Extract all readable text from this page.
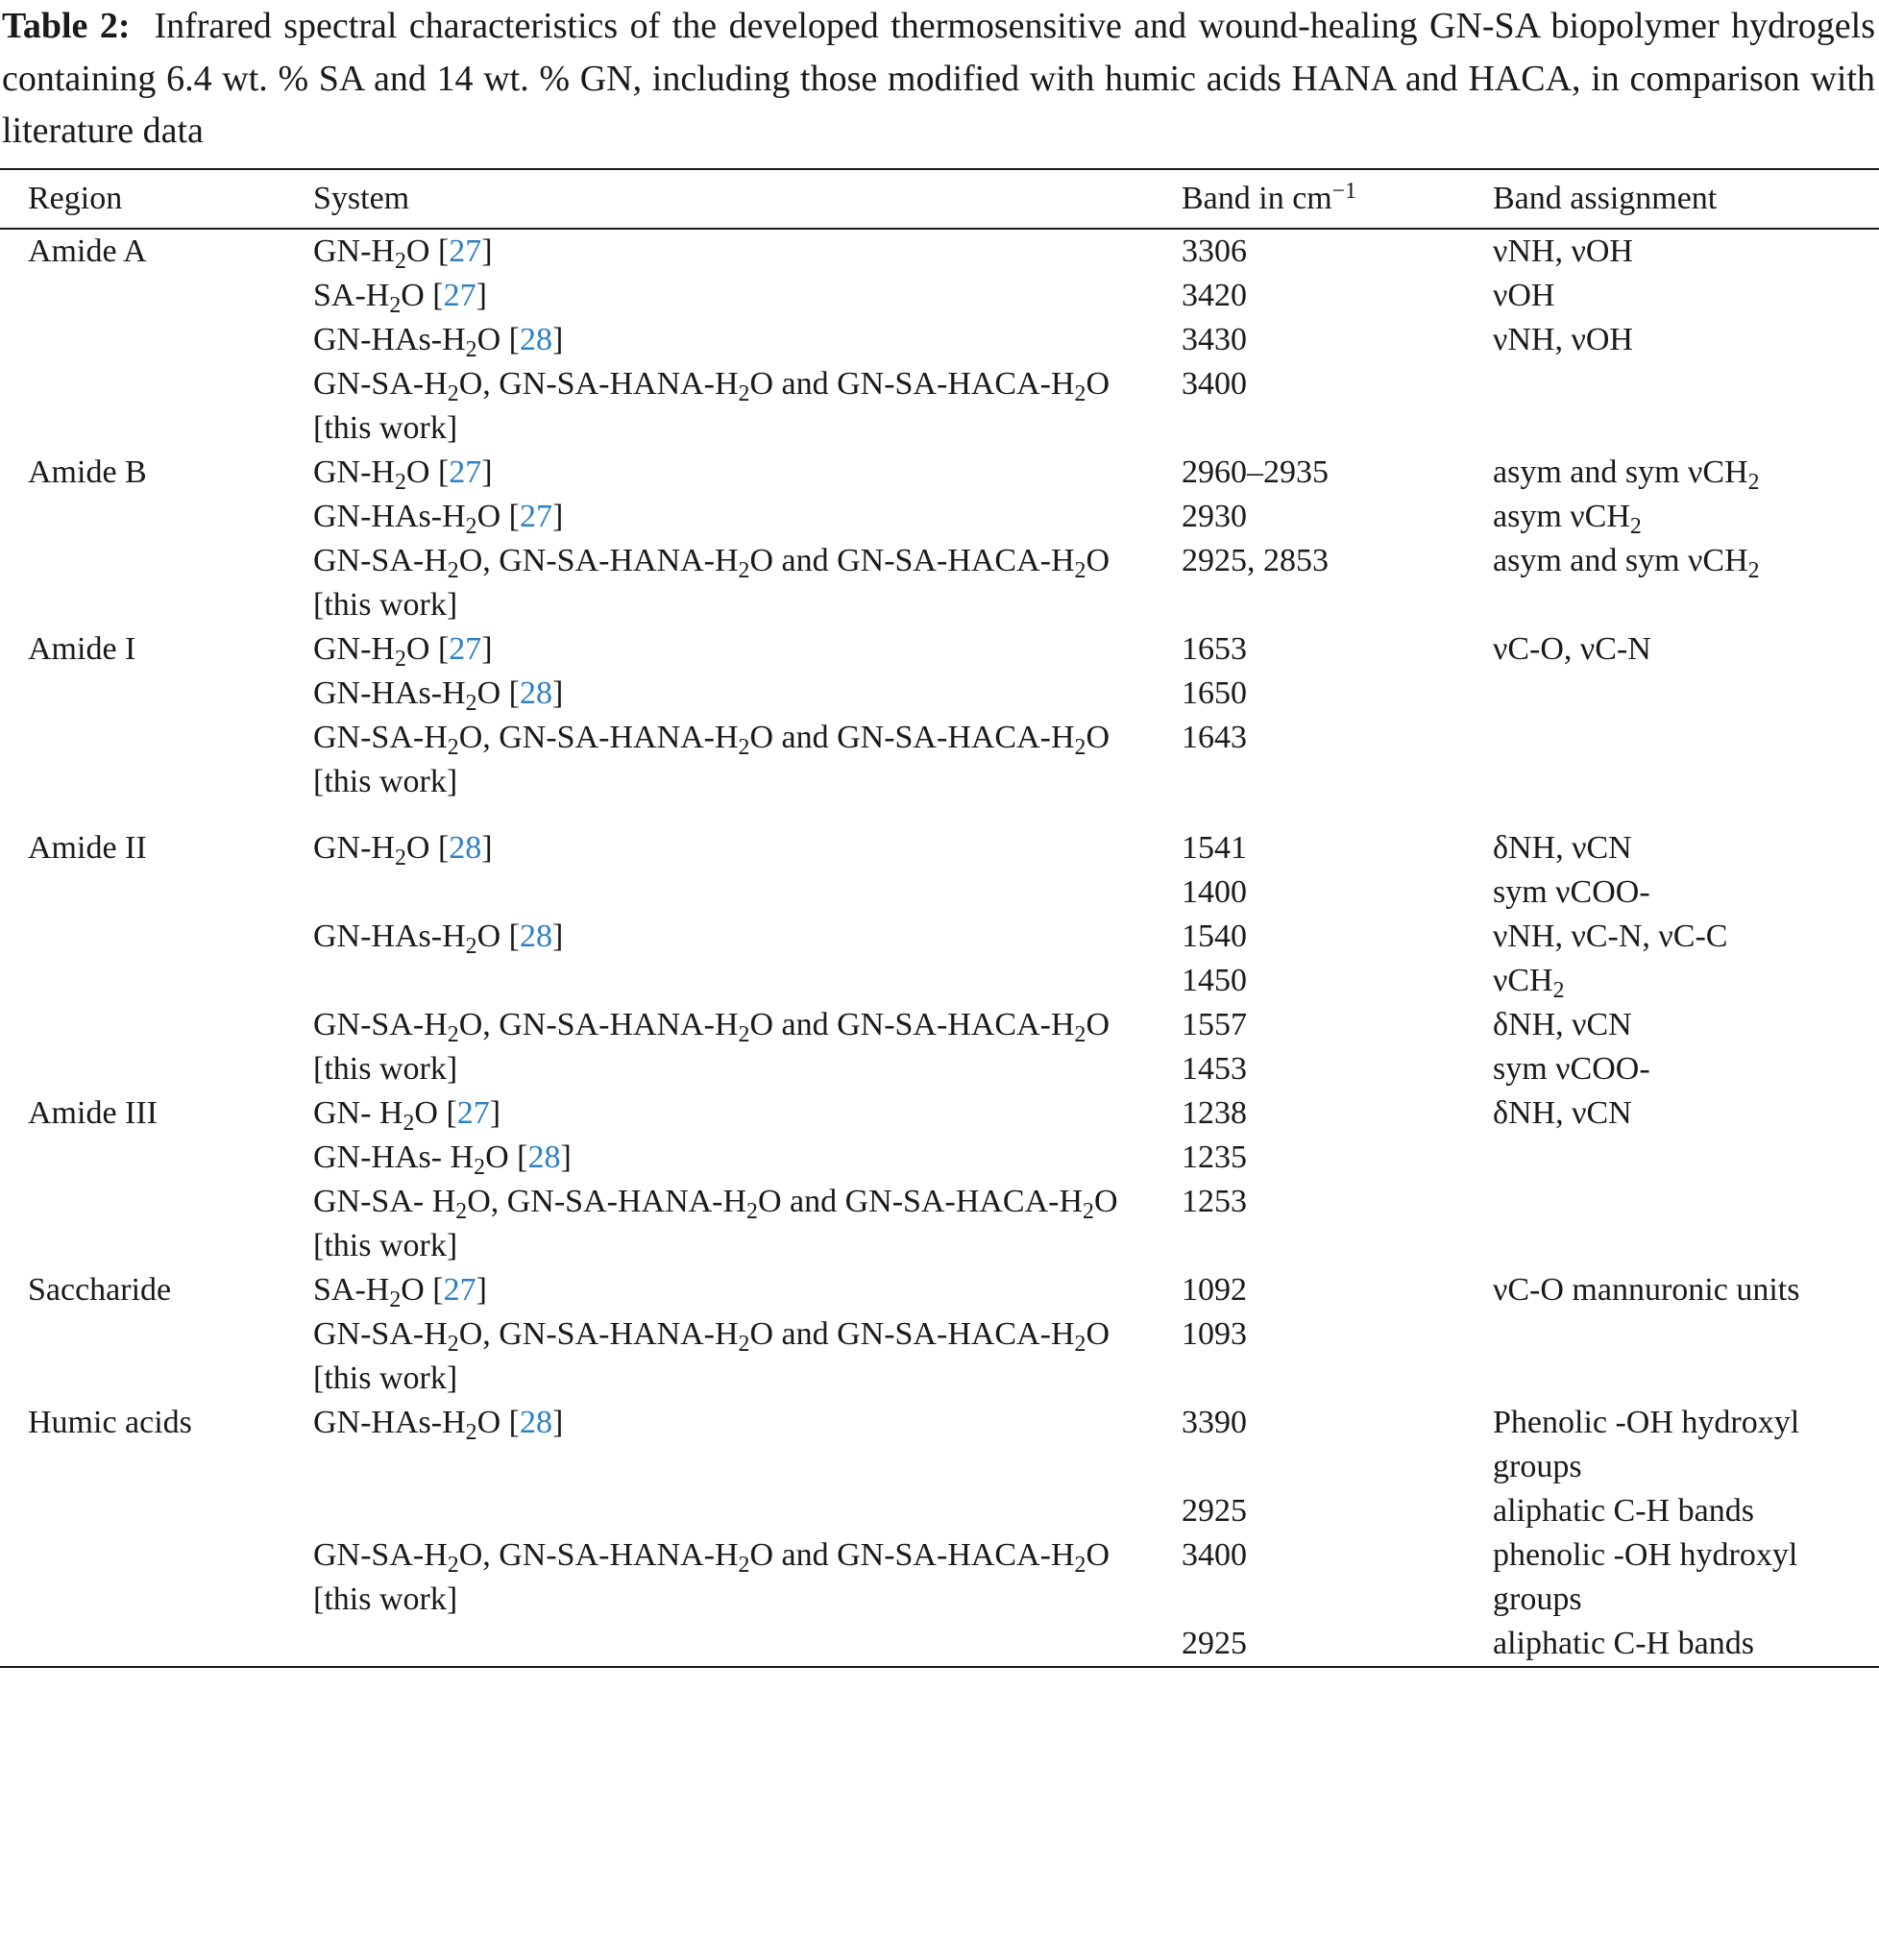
Table 2: Infrared spectral characteristics of the developed thermosensitive and wound-healing GN-SA biopolymer hydrogels containing 6.4 wt. % SA and 14 wt. % GN, including those modified with humic acids HANA and HACA, in comparison with literature data
Region	System	Band in $cm^{-1}$	Band assignment
Amide A	$GN-H_2O$ [27]	3306	νNH, νOH
	$SA-H_2O$ [27]	3420	νOH
	$GN-HAs-H_2O$ [28]	3430	νNH, νOH
	$GN-SA-H_2O$, $GN-SA-HANA-H_2O$ and $GN-SA-HACA-H_2O$ [this work]	3400	
Amide B	$GN-H_2O$ [27]	2960–2935	asym and sym νCH$_2$
	$GN-HAs-H_2O$ [27]	2930	asym νCH$_2$
	$GN-SA-H_2O$, $GN-SA-HANA-H_2O$ and $GN-SA-HACA-H_2O$ [this work]	2925, 2853	asym and sym νCH$_2$
Amide I	$GN-H_2O$ [27]	1653	νC-O, νC-N
	$GN-HAs-H_2O$ [28]	1650	
	$GN-SA-H_2O$, $GN-SA-HANA-H_2O$ and $GN-SA-HACA-H_2O$ [this work]	1643	
Amide II	$GN-H_2O$ [28]	1541	δNH, νCN
		1400	sym νCOO-
	$GN-HAs-H_2O$ [28]	1540	νNH, νC-N, νC-C
		1450	νCH$_2$
	$GN-SA-H_2O$, $GN-SA-HANA-H_2O$ and $GN-SA-HACA-H_2O$ [this work]	1557	δNH, νCN
		1453	sym νCOO-
Amide III	GN- $H_2O$ [27]	1238	δNH, νCN
	GN-HAs- $H_2O$ [28]	1235	
	GN-SA- $H_2O$, $GN-SA-HANA-H_2O$ and $GN-SA-HACA-H_2O$ [this work]	1253	
Saccharide	$SA-H_2O$ [27]	1092	νC-O mannuronic units
	$GN-SA-H_2O$, $GN-SA-HANA-H_2O$ and $GN-SA-HACA-H_2O$ [this work]	1093	
Humic acids	$GN-HAs-H_2O$ [28]	3390	Phenolic -OH hydroxyl groups
		2925	aliphatic C-H bands
	$GN-SA-H_2O$, $GN-SA-HANA-H_2O$ and $GN-SA-HACA-H_2O$ [this work]	3400	phenolic -OH hydroxyl groups
		2925	aliphatic C-H bands
